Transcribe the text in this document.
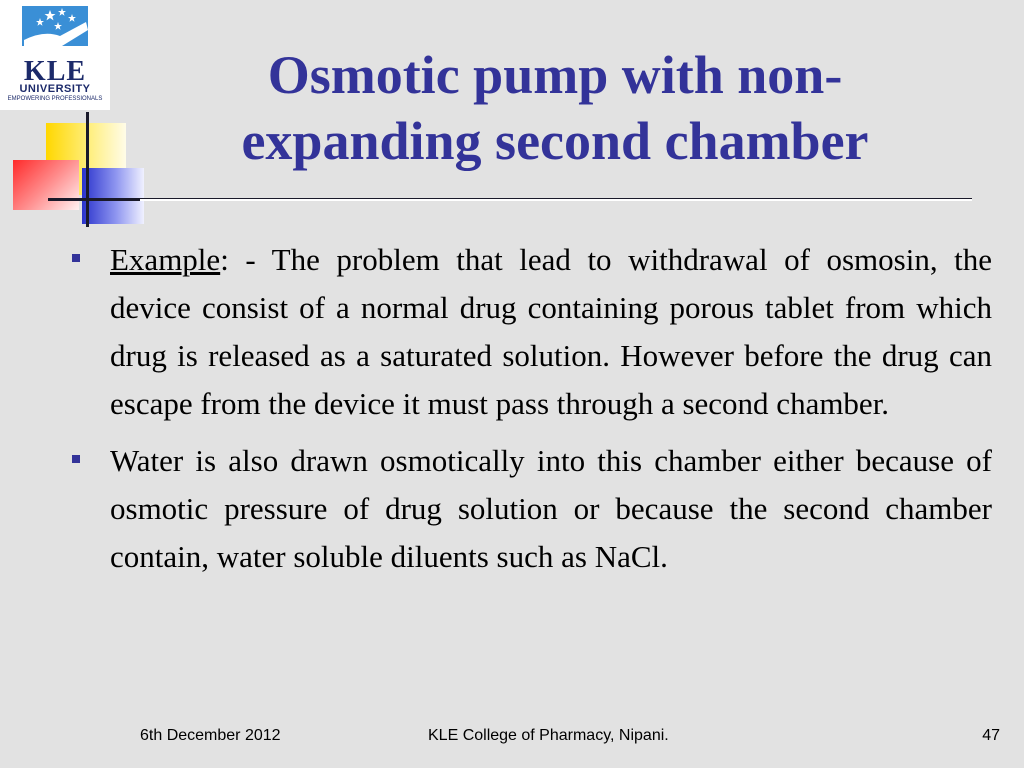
KLE
UNIVERSITY
EMPOWERING PROFESSIONALS	Osmotic pump with non-
expanding second chamber

Example: - The problem that lead to withdrawal of osmosin, the device consist of a normal drug containing porous tablet from which drug is released as a saturated solution. However before the drug can escape from the device it must pass through a second chamber.

Water is also drawn osmotically into this chamber either because of osmotic pressure of drug solution or because the second chamber contain, water soluble diluents such as NaCl.

6th December 2012	KLE College of Pharmacy, Nipani.	47
